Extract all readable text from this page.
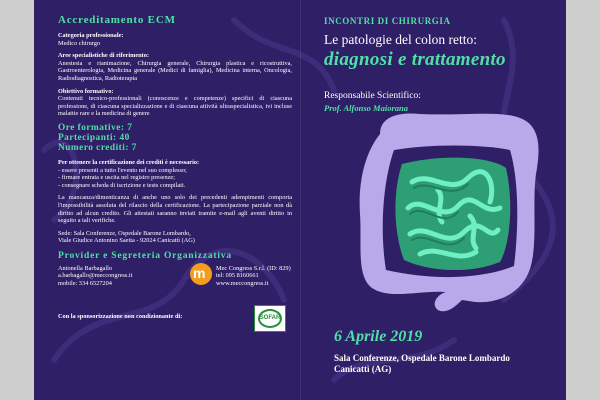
Accreditamento ECM
Categoria professionale:
Medico chirurgo
Aree specialistiche di riferimento:
Anestesia e rianimazione, Chirurgia generale, Chirurgia plastica e ricostruttiva, Gastroenterologia, Medicina generale (Medici di famiglia), Medicina interna, Oncologia, Radiodiagnostica, Radioterapia
Obiettivo formativo:
Contenuti tecnico-professionali (conoscenze e competenze) specifici di ciascuna professione, di ciascuna specializzazione e di ciascuna attività ultraspecialistica, ivi incluse malattie rare e la medicina di genere
Ore formative: 7
Partecipanti: 40
Numero crediti: 7
Per ottenere la certificazione dei crediti è necessario:
- essere presenti a tutto l'evento nel suo complesso;
- firmare entrata e uscita nel registro presenze;
- consegnare scheda di iscrizione e tests compilati.
La mancanza/dimenticanza di anche uno solo dei precedenti adempimenti comporta l'impossibilità assoluta del rilascio della certificazione. La partecipazione parziale non dà diritto ad alcun credito. Gli attestati saranno inviati tramite e-mail agli aventi diritto in seguito a tali verifiche.
Sede: Sala Conferenze, Ospedale Barone Lombardo,
Viale Giudice Antonino Saetta - 92024 Canicattì (AG)
Provider e Segreteria Organizzativa
Antonella Barbagallo
a.barbagallo@meccongress.it
mobile: 334 6527204
m Mec Congress S.r.l. (ID: 829)
tel: 095 8160661
www.meccongress.it
Con la sponsorizzazione non condizionante di:	SOFAR
INCONTRI DI CHIRURGIA
Le patologie del colon retto:
diagnosi e trattamento
Responsabile Scientifico:
Prof. Alfonso Maiorana
6 Aprile 2019
Sala Conferenze, Ospedale Barone Lombardo
Canicattì (AG)
